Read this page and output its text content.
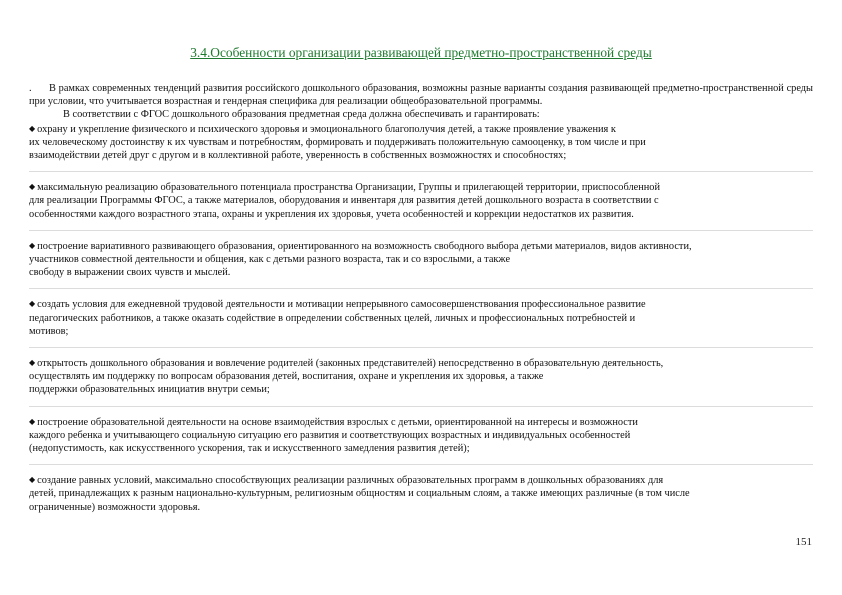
3.4.Особенности организации развивающей предметно-пространственной среды

. В рамках современных тенденций развития российского дошкольного образования, возможны разные варианты создания развивающей предметно-пространственной среды при условии, что учитывается возрастная и гендерная специфика для реализации общеобразовательной программы.

В соответствии с ФГОС дошкольного образования предметная среда должна обеспечивать и гарантировать:

◆ охрану и укрепление физического и психического здоровья и эмоционального благополучия детей, а также проявление уважения к
их человеческому достоинству к их чувствам и потребностям, формировать и поддерживать положительную самооценку, в том числе и при
взаимодействии детей друг с другом и в коллективной работе, уверенность в собственных возможностях и способностях;

◆ максимальную реализацию образовательного потенциала пространства Организации, Группы и прилегающей территории, приспособленной
для реализации Программы ФГОС, а также материалов, оборудования и инвентаря для развития детей дошкольного возраста в соответствии с
особенностями каждого возрастного этапа, охраны и укрепления их здоровья, учета особенностей и коррекции недостатков их развития.

◆ построение вариативного развивающего образования, ориентированного на возможность свободного выбора детьми материалов, видов активности,
участников совместной деятельности и общения, как с детьми разного возраста, так и со взрослыми, а также
свободу в выражении своих чувств и мыслей.

◆ создать условия для ежедневной трудовой деятельности и мотивации непрерывного самосовершенствования профессиональное развитие
педагогических работников, а также оказать содействие в определении собственных целей, личных и профессиональных потребностей и
мотивов;

◆ открытость дошкольного образования и вовлечение родителей (законных представителей) непосредственно в образовательную деятельность,
осуществлять им поддержку по вопросам образования детей, воспитания, охране и укрепления их здоровья, а также
поддержки образовательных инициатив внутри семьи;

◆ построение образовательной деятельности на основе взаимодействия взрослых с детьми, ориентированной на интересы и возможности
каждого ребенка и учитывающего социальную ситуацию его развития и соответствующих возрастных и индивидуальных особенностей
(недопустимость, как искусственного ускорения, так и искусственного замедления развития детей);

◆ создание равных условий, максимально способствующих реализации различных образовательных программ в дошкольных образованиях для
детей, принадлежащих к разным национально-культурным, религиозным общностям и социальным слоям, а также имеющих различные (в том числе
ограниченные) возможности здоровья.

151
